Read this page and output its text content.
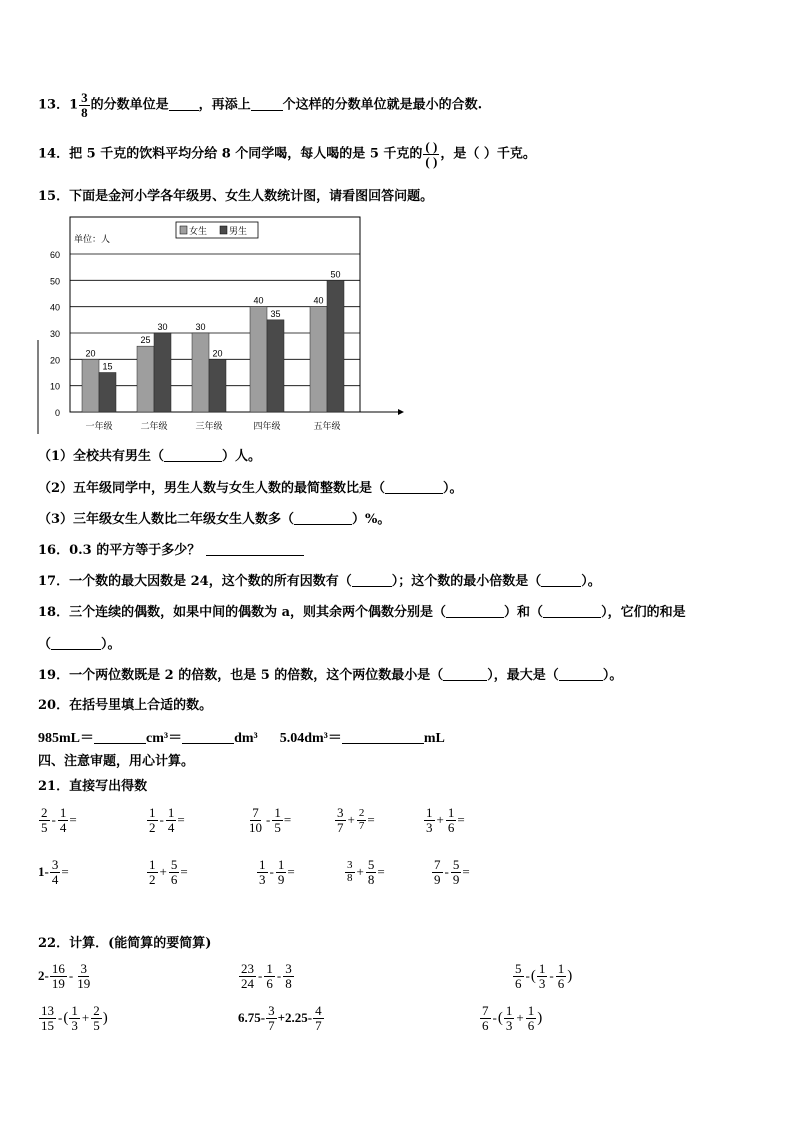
13．$1 \frac{3}{8}$ 的分数单位是 ，再添上 个这样的分数单位就是最小的合数.
14．把 5 千克的饮料平均分给 8 个同学喝，每人喝的是 5 千克的 $\frac{( )}{( )}$ ，是（ ）千克。
15．下面是金河小学各年级男、女生人数统计图，请看图回答问题。
0
10
20
30
40
50
60
单位：人
女生 男生
20
15
一年级
25
30
二年级
30
20
三年级
40
35
四年级
40
50
五年级
（1）全校共有男生（	）人。
（2）五年级同学中，男生人数与女生人数的最简整数比是（	）。
（3）三年级女生人数比二年级女生人数多（	）%。
16．0.3 的平方等于多少？
17．一个数的最大因数是 24，这个数的所有因数有（	）；这个数的最小倍数是（	）。
18．三个连续的偶数，如果中间的偶数为 a，则其余两个偶数分别是（	）和（	），它们的和是
（	）。
19．一个两位数既是 2 的倍数，也是 5 的倍数，这个两位数最小是（	），最大是（	）。
20．在括号里填上合适的数。
985mL＝	cm³＝	dm³ 5.04dm³＝	mL
四、注意审题，用心计算。
21．直接写出得数
$\frac{2}{5} - \frac{1}{4}$ =	$\frac{1}{2} - \frac{1}{4}$ =	$\frac{7}{10} - \frac{1}{5}$ =	$\frac{3}{7} + \frac{2}{7}$ =	$\frac{1}{3} + \frac{1}{6}$ =
$1- \frac{3}{4}$ =	$\frac{1}{2} + \frac{5}{6}$ =	$\frac{1}{3} - \frac{1}{9}$ =	$\frac{3}{8} + \frac{5}{8}$ =	$\frac{7}{9} - \frac{5}{9}$ =
22．计算．(能简算的要简算)
$2- \frac{16}{19} - \frac{3}{19}$	$\frac{23}{24} - \frac{1}{6} - \frac{3}{8}$	$\frac{5}{6}$ - ( $\frac{1}{3} - \frac{1}{6}$ )
$\frac{13}{15}$ - ( $\frac{1}{3} + \frac{2}{5}$ )	$6.75- \frac{3}{7} +2.25- \frac{4}{7}$	$\frac{7}{6}$ - ( $\frac{1}{3} + \frac{1}{6}$ )
